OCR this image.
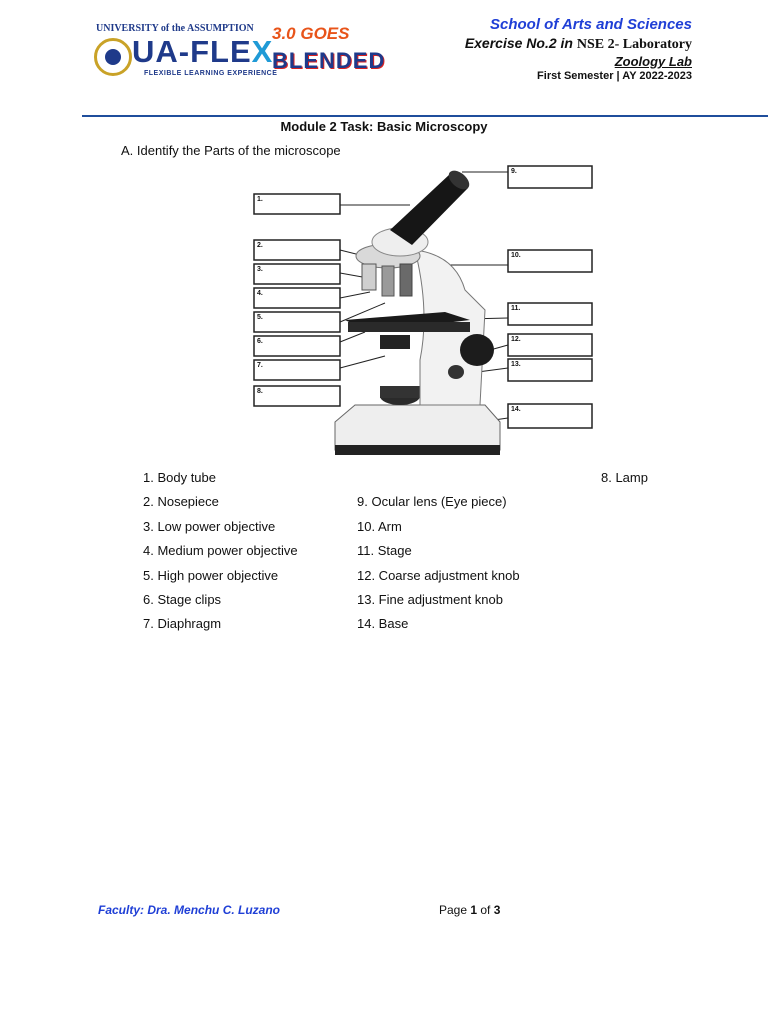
UNIVERSITY of the ASSUMPTION
UA-FLEX
FLEXIBLE LEARNING EXPERIENCE
3.0 GOES
BLENDED
School of Arts and Sciences
Exercise No.2 in NSE 2- Laboratory
Zoology Lab
First Semester | AY 2022-2023
Module 2 Task: Basic Microscopy
A. Identify the Parts of the microscope
1.
2.
3.
4.
5.
6.
7.
8.
9.
10.
11.
12.
13.
14.
1. Body tube	8. Lamp
2. Nosepiece	9. Ocular lens (Eye piece)
3. Low power objective	10. Arm
4. Medium power objective	11. Stage
5. High power objective	12. Coarse adjustment knob
6. Stage clips	13. Fine adjustment knob
7. Diaphragm	14. Base
Faculty: Dra. Menchu C. Luzano	Page 1 of 3
